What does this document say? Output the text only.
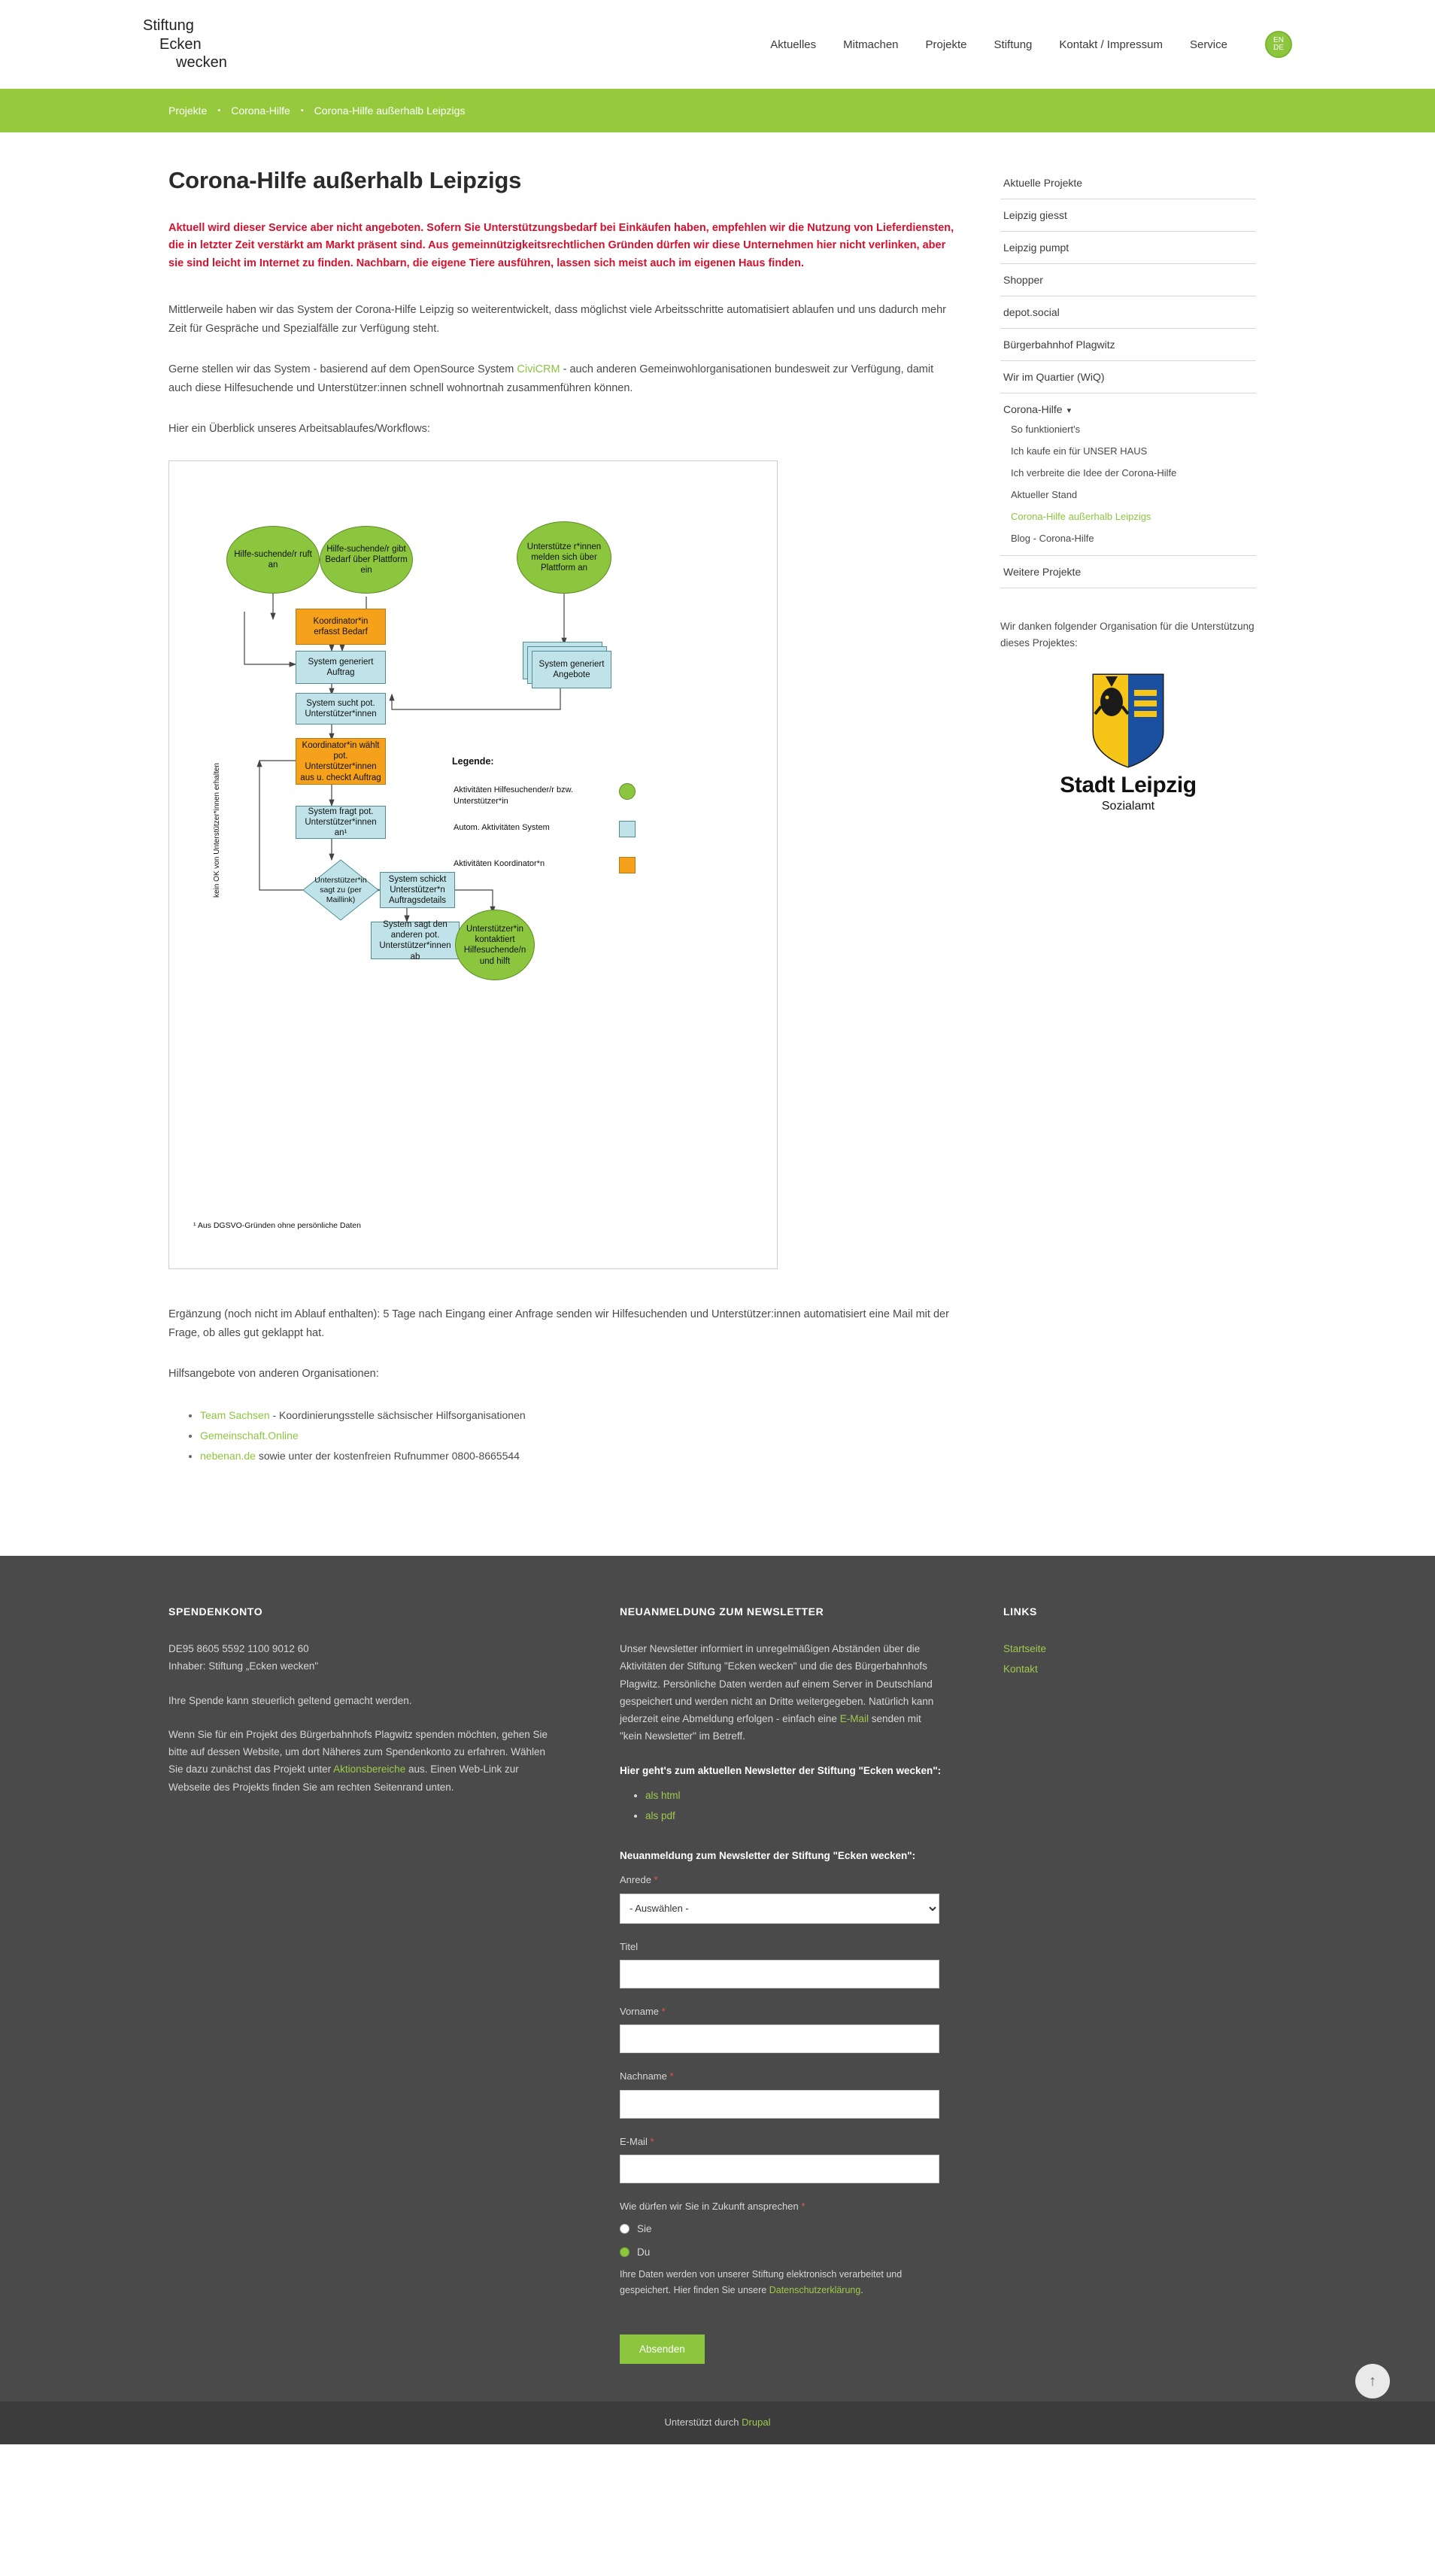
Stiftung
Ecken
wecken
Aktuelles Mitmachen Projekte Stiftung Kontakt / Impressum Service	EN
DE
Projekte • Corona-Hilfe • Corona-Hilfe außerhalb Leipzigs
Corona-Hilfe außerhalb Leipzigs

Aktuell wird dieser Service aber nicht angeboten. Sofern Sie Unterstützungsbedarf bei Einkäufen haben, empfehlen wir die Nutzung von Lieferdiensten, die in letzter Zeit verstärkt am Markt präsent sind. Aus gemeinnützigkeitsrechtlichen Gründen dürfen wir diese Unternehmen hier nicht verlinken, aber sie sind leicht im Internet zu finden. Nachbarn, die eigene Tiere ausführen, lassen sich meist auch im eigenen Haus finden.

Mittlerweile haben wir das System der Corona-Hilfe Leipzig so weiterentwickelt, dass möglichst viele Arbeitsschritte automatisiert ablaufen und uns dadurch mehr Zeit für Gespräche und Spezialfälle zur Verfügung steht.

Gerne stellen wir das System - basierend auf dem OpenSource System CiviCRM - auch anderen Gemeinwohlorganisationen bundesweit zur Verfügung, damit auch diese Hilfesuchende und Unterstützer:innen schnell wohnortnah zusammenführen können.

Hier ein Überblick unseres Arbeitsablaufes/Workflows:

Hilfe-suchende/r ruft an
Hilfe-suchende/r gibt Bedarf über Plattform ein
Unterstütze r*innen melden sich über Plattform an
Koordinator*in erfasst Bedarf
System generiert Auftrag
System generiert Angebote
System sucht pot. Unterstützer*innen
Koordinator*in wählt pot. Unterstützer*innen aus u. checkt Auftrag
System fragt pot. Unterstützer*innen an¹
Unterstützer*in sagt zu (per Maillink)
System schickt Unterstützer*n Auftragsdetails
System sagt den anderen pot. Unterstützer*innen ab
Unterstützer*in kontaktiert Hilfesuchende/n und hilft
kein OK von Unterstützer*innen erhalten
Legende:
Aktivitäten Hilfesuchender/r bzw. Unterstützer*in
Autom. Aktivitäten System
Aktivitäten Koordinator*n
¹ Aus DGSVO-Gründen ohne persönliche Daten

Ergänzung (noch nicht im Ablauf enthalten): 5 Tage nach Eingang einer Anfrage senden wir Hilfesuchenden und Unterstützer:innen automatisiert eine Mail mit der Frage, ob alles gut geklappt hat.

Hilfsangebote von anderen Organisationen:

• Team Sachsen - Koordinierungsstelle sächsischer Hilfsorganisationen
• Gemeinschaft.Online
• nebenan.de sowie unter der kostenfreien Rufnummer 0800-8665544
Aktuelle Projekte
Leipzig giesst
Leipzig pumpt
Shopper
depot.social
Bürgerbahnhof Plagwitz
Wir im Quartier (WiQ)
Corona-Hilfe ▾
So funktioniert's
Ich kaufe ein für UNSER HAUS
Ich verbreite die Idee der Corona-Hilfe
Aktueller Stand
Corona-Hilfe außerhalb Leipzigs
Blog - Corona-Hilfe
Weitere Projekte
Wir danken folgender Organisation für die Unterstützung dieses Projektes:
Stadt Leipzig
Sozialamt
SPENDENKONTO

DE95 8605 5592 1100 9012 60
Inhaber: Stiftung „Ecken wecken"

Ihre Spende kann steuerlich geltend gemacht werden.

Wenn Sie für ein Projekt des Bürgerbahnhofs Plagwitz spenden möchten, gehen Sie bitte auf dessen Website, um dort Näheres zum Spendenkonto zu erfahren. Wählen Sie dazu zunächst das Projekt unter Aktionsbereiche aus. Einen Web-Link zur Webseite des Projekts finden Sie am rechten Seitenrand unten.

NEUANMELDUNG ZUM NEWSLETTER

Unser Newsletter informiert in unregelmäßigen Abständen über die Aktivitäten der Stiftung "Ecken wecken" und die des Bürgerbahnhofs Plagwitz. Persönliche Daten werden auf einem Server in Deutschland gespeichert und werden nicht an Dritte weitergegeben. Natürlich kann jederzeit eine Abmeldung erfolgen - einfach eine E-Mail senden mit "kein Newsletter" im Betreff.

Hier geht's zum aktuellen Newsletter der Stiftung "Ecken wecken":

• als html
• als pdf

Neuanmeldung zum Newsletter der Stiftung "Ecken wecken":

Anrede *
- Auswählen -
Titel
Vorname *
Nachname *
E-Mail *
Wie dürfen wir Sie in Zukunft ansprechen *
Sie
Du

Ihre Daten werden von unserer Stiftung elektronisch verarbeitet und gespeichert. Hier finden Sie unsere Datenschutzerklärung.

Absenden
LINKS
Startseite
Kontakt
↑
Unterstützt durch Drupal
